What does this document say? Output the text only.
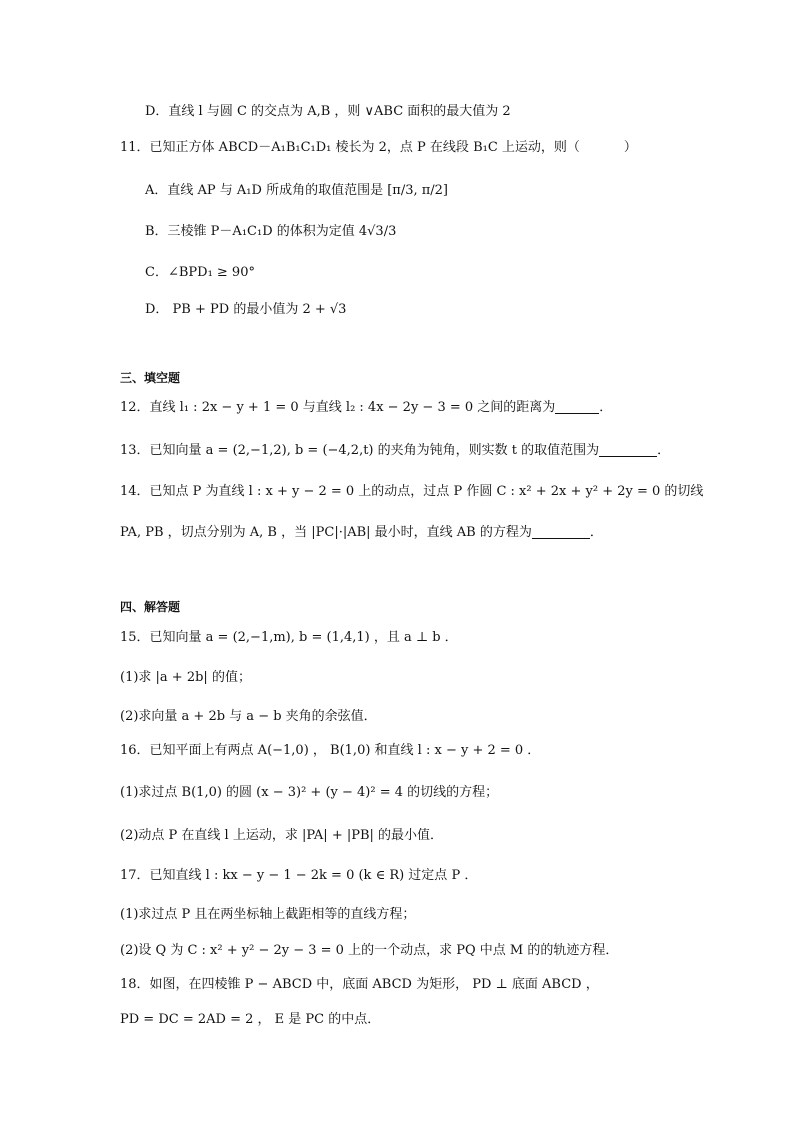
D．直线 l 与圆 C 的交点为 A,B ，则 ∨ABC 面积的最大值为 2
11．已知正方体 ABCD－A₁B₁C₁D₁ 棱长为 2，点 P 在线段 B₁C 上运动，则（	）
A．直线 AP 与 A₁D 所成角的取值范围是 [π/3, π/2]
B．三棱锥 P－A₁C₁D 的体积为定值 4√3/3
C．∠BPD₁ ≥ 90°
D． PB + PD 的最小值为 2 + √3
三、填空题
12．直线 l₁ : 2x − y + 1 = 0 与直线 l₂ : 4x − 2y − 3 = 0 之间的距离为	．
13．已知向量 a = (2,−1,2), b = (−4,2,t) 的夹角为钝角，则实数 t 的取值范围为	．
14．已知点 P 为直线 l : x + y − 2 = 0 上的动点，过点 P 作圆 C : x² + 2x + y² + 2y = 0 的切线
PA, PB ，切点分别为 A, B ，当 |PC|·|AB| 最小时，直线 AB 的方程为	．
四、解答题
15．已知向量 a = (2,−1,m), b = (1,4,1) ，且 a ⊥ b ．
(1)求 |a + 2b| 的值；
(2)求向量 a + 2b 与 a − b 夹角的余弦值．
16．已知平面上有两点 A(−1,0) ， B(1,0) 和直线 l : x − y + 2 = 0 ．
(1)求过点 B(1,0) 的圆 (x − 3)² + (y − 4)² = 4 的切线的方程；
(2)动点 P 在直线 l 上运动，求 |PA| + |PB| 的最小值．
17．已知直线 l : kx − y − 1 − 2k = 0 (k ∈ R) 过定点 P ．
(1)求过点 P 且在两坐标轴上截距相等的直线方程；
(2)设 Q 为 C : x² + y² − 2y − 3 = 0 上的一个动点，求 PQ 中点 M 的的轨迹方程．
18．如图，在四棱锥 P − ABCD 中，底面 ABCD 为矩形， PD ⊥ 底面 ABCD ，
PD = DC = 2AD = 2 ， E 是 PC 的中点．
